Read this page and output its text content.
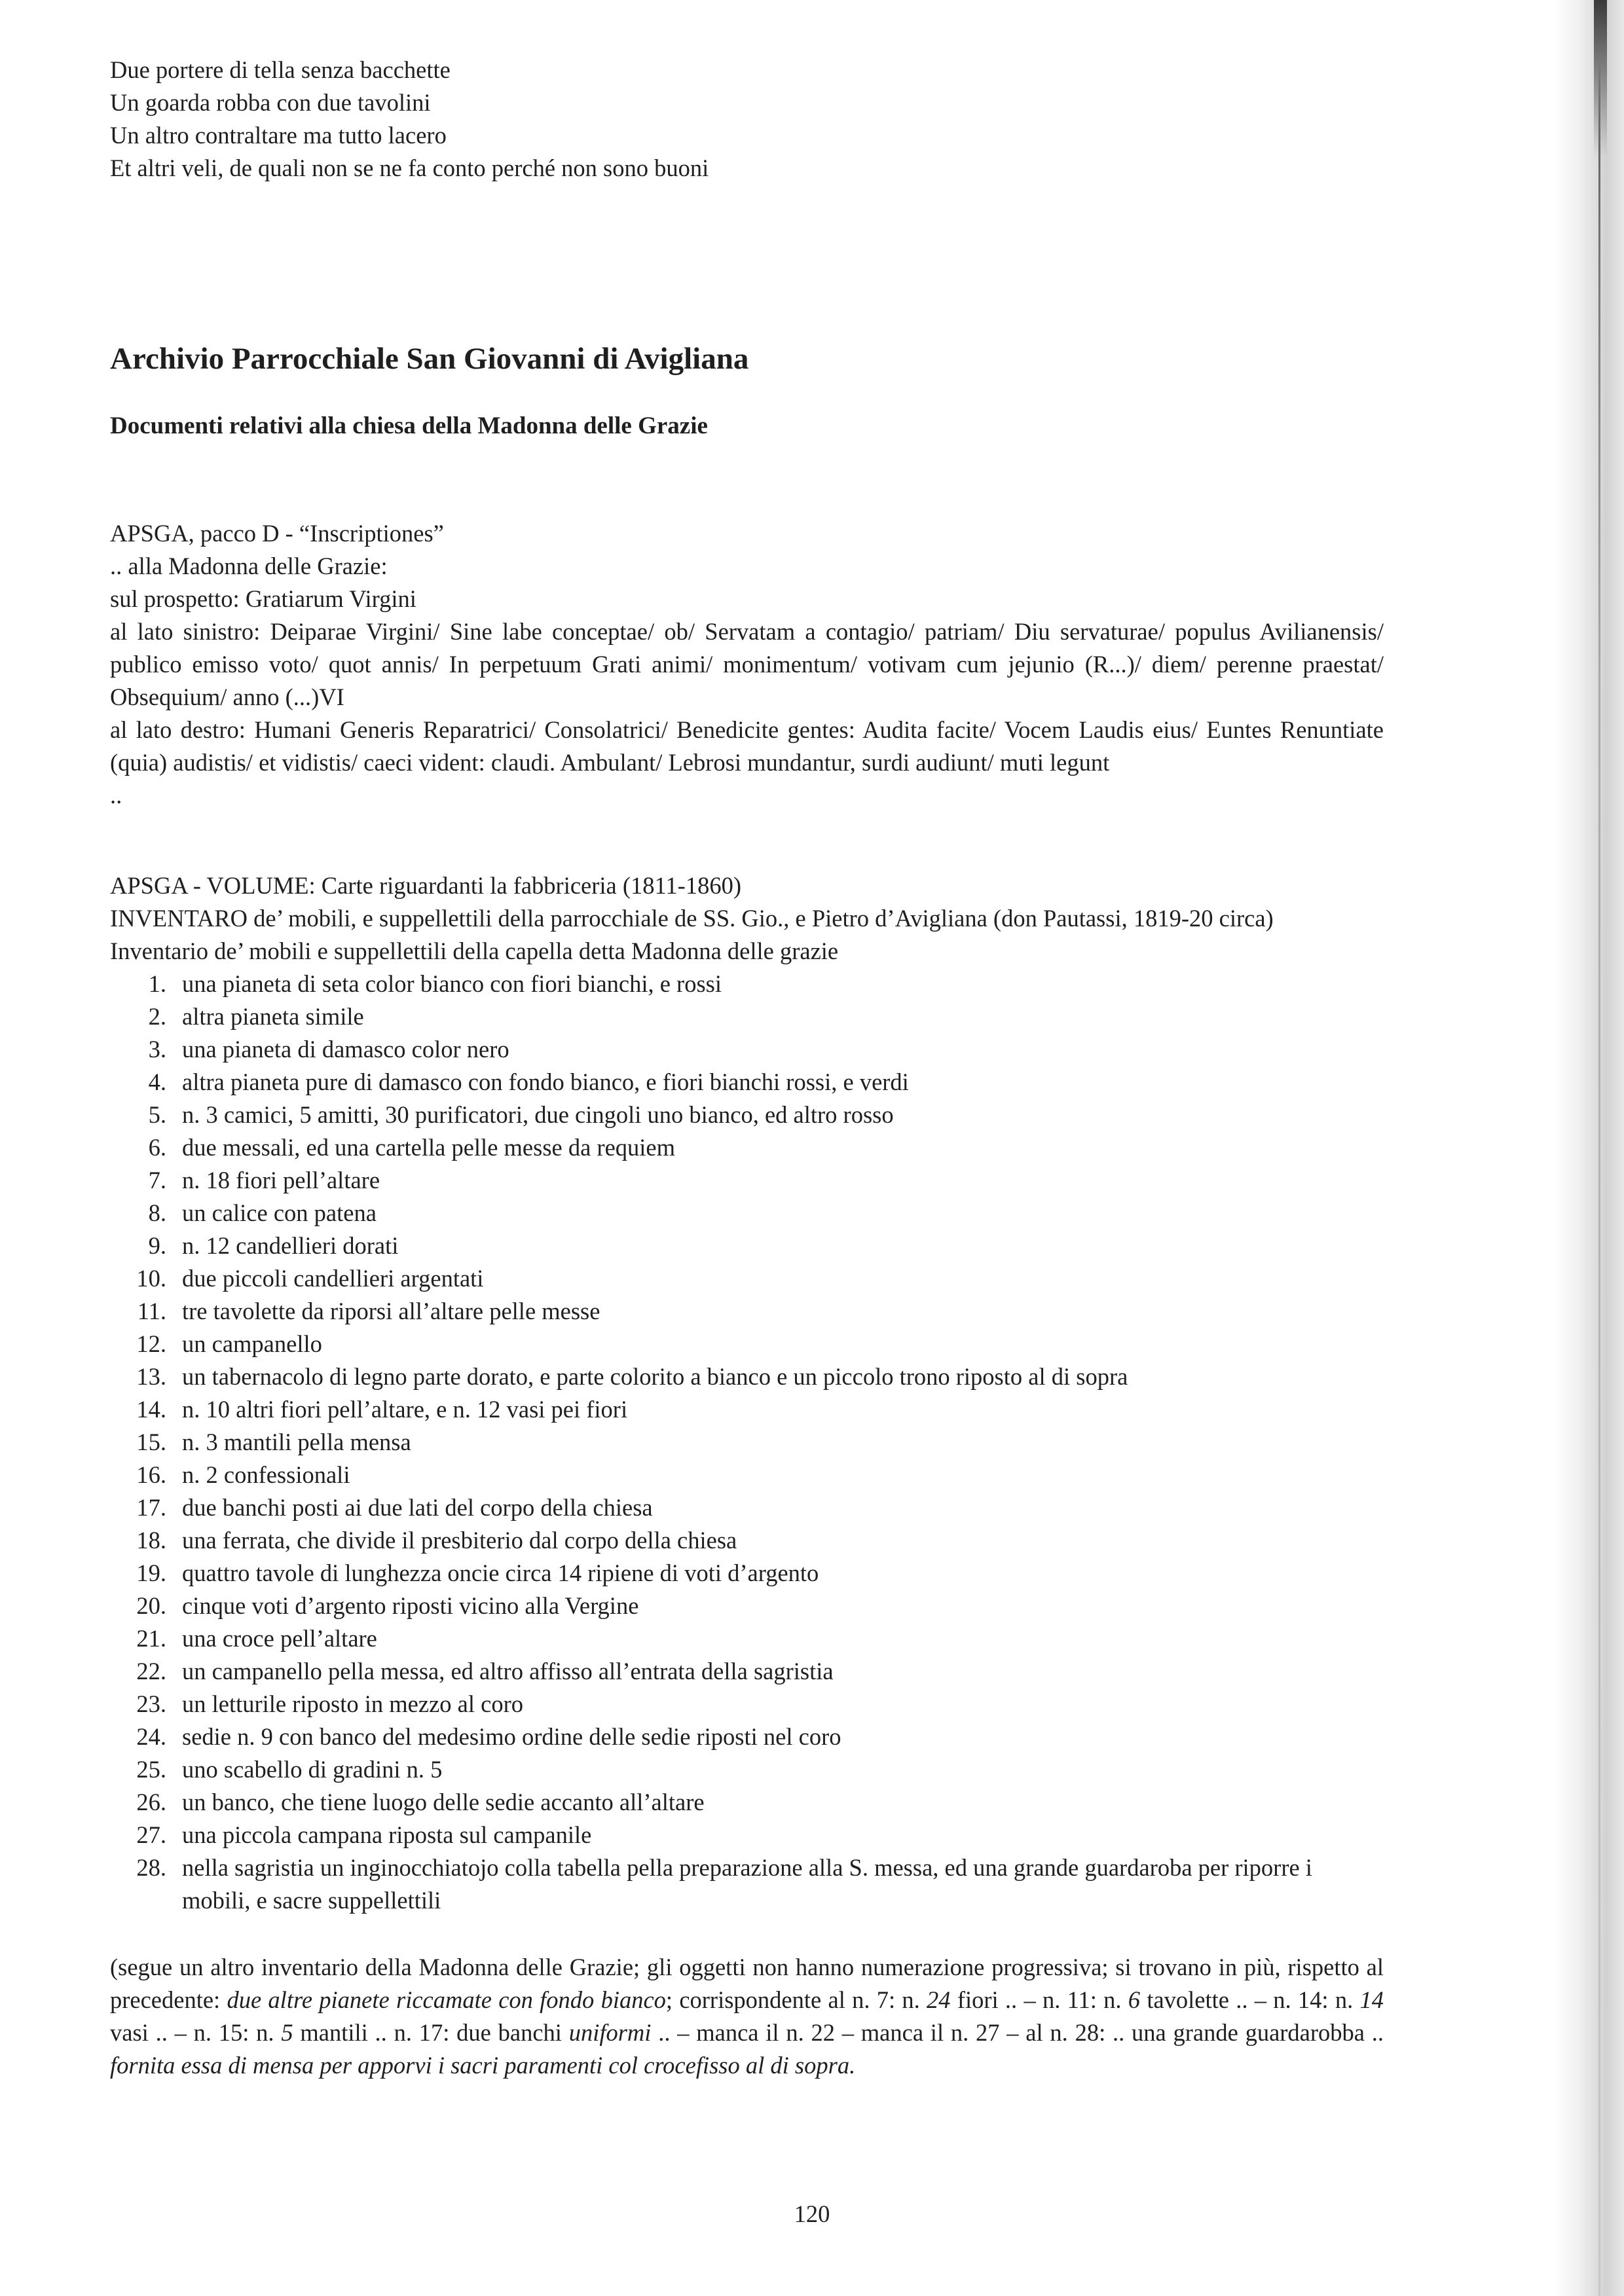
Due portere di tella senza bacchette
Un goarda robba con due tavolini
Un altro contraltare ma tutto lacero
Et altri veli, de quali non se ne fa conto perché non sono buoni
Archivio Parrocchiale San Giovanni di Avigliana
Documenti relativi alla chiesa della Madonna delle Grazie
APSGA, pacco D - “Inscriptiones”
.. alla Madonna delle Grazie:
sul prospetto: Gratiarum Virgini
al lato sinistro: Deiparae Virgini/ Sine labe conceptae/ ob/ Servatam a contagio/ patriam/ Diu servaturae/ populus Avilianensis/ publico emisso voto/ quot annis/ In perpetuum Grati animi/ monimentum/ votivam cum jejunio (R...)/ diem/ perenne praestat/ Obsequium/ anno (...)VI
al lato destro: Humani Generis Reparatrici/ Consolatrici/ Benedicite gentes: Audita facite/ Vocem Laudis eius/ Euntes Renuntiate (quia) audistis/ et vidistis/ caeci vident: claudi. Ambulant/ Lebrosi mundantur, surdi audiunt/ muti legunt
..
APSGA - VOLUME: Carte riguardanti la fabbriceria (1811-1860)
INVENTARO de’ mobili, e suppellettili della parrocchiale de SS. Gio., e Pietro d’Avigliana (don Pautassi, 1819-20 circa)
Inventario de’ mobili e suppellettili della capella detta Madonna delle grazie
1. una pianeta di seta color bianco con fiori bianchi, e rossi
2. altra pianeta simile
3. una pianeta di damasco color nero
4. altra pianeta pure di damasco con fondo bianco, e fiori bianchi rossi, e verdi
5. n. 3 camici, 5 amitti, 30 purificatori, due cingoli uno bianco, ed altro rosso
6. due messali, ed una cartella pelle messe da requiem
7. n. 18 fiori pell’altare
8. un calice con patena
9. n. 12 candellieri dorati
10. due piccoli candellieri argentati
11. tre tavolette da riporsi all’altare pelle messe
12. un campanello
13. un tabernacolo di legno parte dorato, e parte colorito a bianco e un piccolo trono riposto al di sopra
14. n. 10 altri fiori pell’altare, e n. 12 vasi pei fiori
15. n. 3 mantili pella mensa
16. n. 2 confessionali
17. due banchi posti ai due lati del corpo della chiesa
18. una ferrata, che divide il presbiterio dal corpo della chiesa
19. quattro tavole di lunghezza oncie circa 14 ripiene di voti d’argento
20. cinque voti d’argento riposti vicino alla Vergine
21. una croce pell’altare
22. un campanello pella messa, ed altro affisso all’entrata della sagristia
23. un letturile riposto in mezzo al coro
24. sedie n. 9 con banco del medesimo ordine delle sedie riposti nel coro
25. uno scabello di gradini n. 5
26. un banco, che tiene luogo delle sedie accanto all’altare
27. una piccola campana riposta sul campanile
28. nella sagristia un inginocchiatojo colla tabella pella preparazione alla S. messa, ed una grande guardaroba per riporre i mobili, e sacre suppellettili
(segue un altro inventario della Madonna delle Grazie; gli oggetti non hanno numerazione progressiva; si trovano in più, rispetto al precedente: due altre pianete riccamate con fondo bianco; corrispondente al n. 7: n. 24 fiori .. – n. 11: n. 6 tavolette .. – n. 14: n. 14 vasi .. – n. 15: n. 5 mantili .. n. 17: due banchi uniformi .. – manca il n. 22 – manca il n. 27 – al n. 28: .. una grande guardarobba .. fornita essa di mensa per apporvi i sacri paramenti col crocefisso al di sopra.
120
